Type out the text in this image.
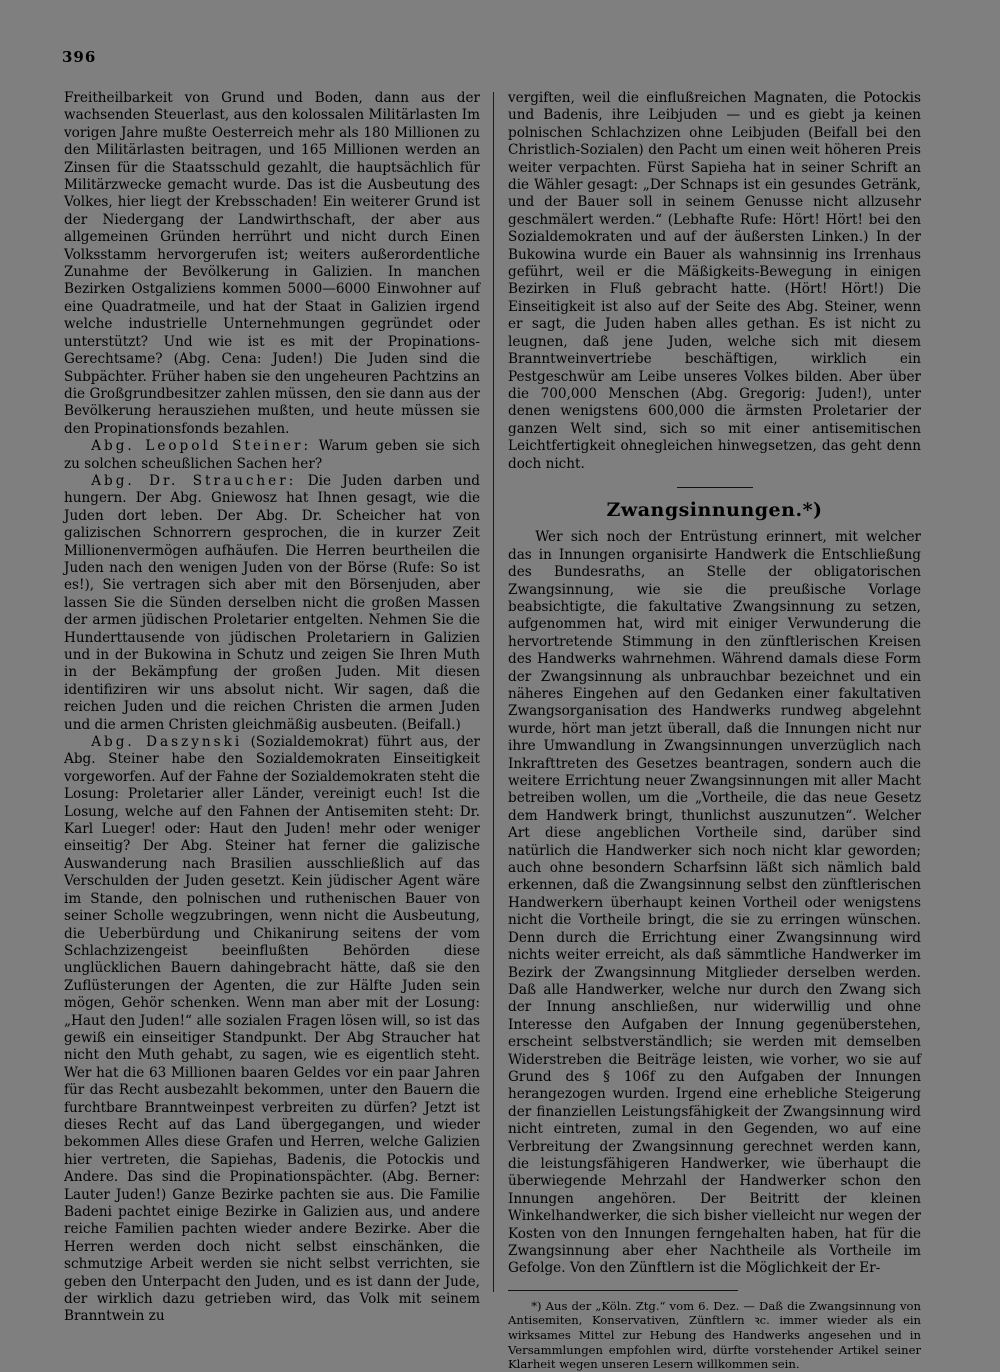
396

Freitheilbarkeit von Grund und Boden, dann aus der wachsenden Steuerlast, aus den kolossalen Militärlasten Im vorigen Jahre mußte Oesterreich mehr als 180 Millionen zu den Militärlasten beitragen, und 165 Millionen werden an Zinsen für die Staatsschuld gezahlt, die hauptsächlich für Militärzwecke gemacht wurde. Das ist die Ausbeutung des Volkes, hier liegt der Krebsschaden! Ein weiterer Grund ist der Niedergang der Landwirthschaft, der aber aus allgemeinen Gründen herrührt und nicht durch Einen Volksstamm hervorgerufen ist; weiters außerordentliche Zunahme der Bevölkerung in Galizien. In manchen Bezirken Ostgaliziens kommen 5000—6000 Einwohner auf eine Quadratmeile, und hat der Staat in Galizien irgend welche industrielle Unternehmungen gegründet oder unterstützt? Und wie ist es mit der Propinations-Gerechtsame? (Abg. Cena: Juden!) Die Juden sind die Subpächter. Früher haben sie den ungeheuren Pachtzins an die Großgrundbesitzer zahlen müssen, den sie dann aus der Bevölkerung herausziehen mußten, und heute müssen sie den Propinationsfonds bezahlen.

Abg. Leopold Steiner: Warum geben sie sich zu solchen scheußlichen Sachen her?

Abg. Dr. Straucher: Die Juden darben und hungern. Der Abg. Gniewosz hat Ihnen gesagt, wie die Juden dort leben. Der Abg. Dr. Scheicher hat von galizischen Schnorrern gesprochen, die in kurzer Zeit Millionenvermögen aufhäufen. Die Herren beurtheilen die Juden nach den wenigen Juden von der Börse (Rufe: So ist es!), Sie vertragen sich aber mit den Börsenjuden, aber lassen Sie die Sünden derselben nicht die großen Massen der armen jüdischen Proletarier entgelten. Nehmen Sie die Hunderttausende von jüdischen Proletariern in Galizien und in der Bukowina in Schutz und zeigen Sie Ihren Muth in der Bekämpfung der großen Juden. Mit diesen identifiziren wir uns absolut nicht. Wir sagen, daß die reichen Juden und die reichen Christen die armen Juden und die armen Christen gleichmäßig ausbeuten. (Beifall.)

Abg. Daszynski (Sozialdemokrat) führt aus, der Abg. Steiner habe den Sozialdemokraten Einseitigkeit vorgeworfen. Auf der Fahne der Sozialdemokraten steht die Losung: Proletarier aller Länder, vereinigt euch! Ist die Losung, welche auf den Fahnen der Antisemiten steht: Dr. Karl Lueger! oder: Haut den Juden! mehr oder weniger einseitig? Der Abg. Steiner hat ferner die galizische Auswanderung nach Brasilien ausschließlich auf das Verschulden der Juden gesetzt. Kein jüdischer Agent wäre im Stande, den polnischen und ruthenischen Bauer von seiner Scholle wegzubringen, wenn nicht die Ausbeutung, die Ueberbürdung und Chikanirung seitens der vom Schlachzizengeist beeinflußten Behörden diese unglücklichen Bauern dahingebracht hätte, daß sie den Zuflüsterungen der Agenten, die zur Hälfte Juden sein mögen, Gehör schenken. Wenn man aber mit der Losung: „Haut den Juden!“ alle sozialen Fragen lösen will, so ist das gewiß ein einseitiger Standpunkt. Der Abg Straucher hat nicht den Muth gehabt, zu sagen, wie es eigentlich steht. Wer hat die 63 Millionen baaren Geldes vor ein paar Jahren für das Recht ausbezahlt bekommen, unter den Bauern die furchtbare Branntweinpest verbreiten zu dürfen? Jetzt ist dieses Recht auf das Land übergegangen, und wieder bekommen Alles diese Grafen und Herren, welche Galizien hier vertreten, die Sapiehas, Badenis, die Potockis und Andere. Das sind die Propinationspächter. (Abg. Berner: Lauter Juden!) Ganze Bezirke pachten sie aus. Die Familie Badeni pachtet einige Bezirke in Galizien aus, und andere reiche Familien pachten wieder andere Bezirke. Aber die Herren werden doch nicht selbst einschänken, die schmutzige Arbeit werden sie nicht selbst verrichten, sie geben den Unterpacht den Juden, und es ist dann der Jude, der wirklich dazu getrieben wird, das Volk mit seinem Branntwein zu

vergiften, weil die einflußreichen Magnaten, die Potockis und Badenis, ihre Leibjuden — und es giebt ja keinen polnischen Schlachzizen ohne Leibjuden (Beifall bei den Christlich-Sozialen) den Pacht um einen weit höheren Preis weiter verpachten. Fürst Sapieha hat in seiner Schrift an die Wähler gesagt: „Der Schnaps ist ein gesundes Getränk, und der Bauer soll in seinem Genusse nicht allzusehr geschmälert werden.“ (Lebhafte Rufe: Hört! Hört! bei den Sozialdemokraten und auf der äußersten Linken.) In der Bukowina wurde ein Bauer als wahnsinnig ins Irrenhaus geführt, weil er die Mäßigkeits-Bewegung in einigen Bezirken in Fluß gebracht hatte. (Hört! Hört!) Die Einseitigkeit ist also auf der Seite des Abg. Steiner, wenn er sagt, die Juden haben alles gethan. Es ist nicht zu leugnen, daß jene Juden, welche sich mit diesem Branntweinvertriebe beschäftigen, wirklich ein Pestgeschwür am Leibe unseres Volkes bilden. Aber über die 700,000 Menschen (Abg. Gregorig: Juden!), unter denen wenigstens 600,000 die ärmsten Proletarier der ganzen Welt sind, sich so mit einer antisemitischen Leichtfertigkeit ohnegleichen hinwegsetzen, das geht denn doch nicht.

Zwangsinnungen.*)

Wer sich noch der Entrüstung erinnert, mit welcher das in Innungen organisirte Handwerk die Entschließung des Bundesraths, an Stelle der obligatorischen Zwangsinnung, wie sie die preußische Vorlage beabsichtigte, die fakultative Zwangsinnung zu setzen, aufgenommen hat, wird mit einiger Verwunderung die hervortretende Stimmung in den zünftlerischen Kreisen des Handwerks wahrnehmen. Während damals diese Form der Zwangsinnung als unbrauchbar bezeichnet und ein näheres Eingehen auf den Gedanken einer fakultativen Zwangsorganisation des Handwerks rundweg abgelehnt wurde, hört man jetzt überall, daß die Innungen nicht nur ihre Umwandlung in Zwangsinnungen unverzüglich nach Inkrafttreten des Gesetzes beantragen, sondern auch die weitere Errichtung neuer Zwangsinnungen mit aller Macht betreiben wollen, um die „Vortheile, die das neue Gesetz dem Handwerk bringt, thunlichst auszunutzen“. Welcher Art diese angeblichen Vortheile sind, darüber sind natürlich die Handwerker sich noch nicht klar geworden; auch ohne besondern Scharfsinn läßt sich nämlich bald erkennen, daß die Zwangsinnung selbst den zünftlerischen Handwerkern überhaupt keinen Vortheil oder wenigstens nicht die Vortheile bringt, die sie zu erringen wünschen. Denn durch die Errichtung einer Zwangsinnung wird nichts weiter erreicht, als daß sämmtliche Handwerker im Bezirk der Zwangsinnung Mitglieder derselben werden. Daß alle Handwerker, welche nur durch den Zwang sich der Innung anschließen, nur widerwillig und ohne Interesse den Aufgaben der Innung gegenüberstehen, erscheint selbstverständlich; sie werden mit demselben Widerstreben die Beiträge leisten, wie vorher, wo sie auf Grund des § 106f zu den Aufgaben der Innungen herangezogen wurden. Irgend eine erhebliche Steigerung der finanziellen Leistungsfähigkeit der Zwangsinnung wird nicht eintreten, zumal in den Gegenden, wo auf eine Verbreitung der Zwangsinnung gerechnet werden kann, die leistungsfähigeren Handwerker, wie überhaupt die überwiegende Mehrzahl der Handwerker schon den Innungen angehören. Der Beitritt der kleinen Winkelhandwerker, die sich bisher vielleicht nur wegen der Kosten von den Innungen ferngehalten haben, hat für die Zwangsinnung aber eher Nachtheile als Vortheile im Gefolge. Von den Zünftlern ist die Möglichkeit der Er-

*) Aus der „Köln. Ztg.“ vom 6. Dez. — Daß die Zwangsinnung von Antisemiten, Konservativen, Zünftlern ꝛc. immer wieder als ein wirksames Mittel zur Hebung des Handwerks angesehen und in Versammlungen empfohlen wird, dürfte vorstehender Artikel seiner Klarheit wegen unseren Lesern willkommen sein.
